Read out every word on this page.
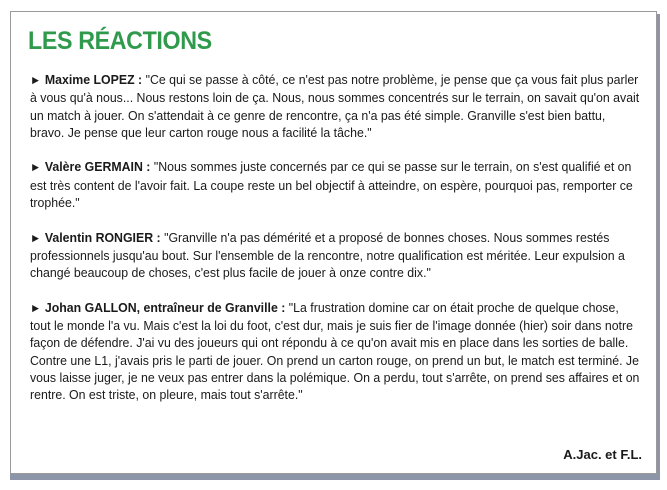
LES RÉACTIONS

► Maxime LOPEZ : "Ce qui se passe à côté, ce n'est pas notre problème, je pense que ça vous fait plus parler à vous qu'à nous... Nous restons loin de ça. Nous, nous sommes concentrés sur le terrain, on savait qu'on avait un match à jouer. On s'attendait à ce genre de rencontre, ça n'a pas été simple. Granville s'est bien battu, bravo. Je pense que leur carton rouge nous a facilité la tâche."

► Valère GERMAIN : "Nous sommes juste concernés par ce qui se passe sur le terrain, on s'est qualifié et on est très content de l'avoir fait. La coupe reste un bel objectif à atteindre, on espère, pourquoi pas, remporter ce trophée."

► Valentin RONGIER : "Granville n'a pas démérité et a proposé de bonnes choses. Nous sommes restés professionnels jusqu'au bout. Sur l'ensemble de la rencontre, notre qualification est méritée. Leur expulsion a changé beaucoup de choses, c'est plus facile de jouer à onze contre dix."

► Johan GALLON, entraîneur de Granville : "La frustration domine car on était proche de quelque chose, tout le monde l'a vu. Mais c'est la loi du foot, c'est dur, mais je suis fier de l'image donnée (hier) soir dans notre façon de défendre. J'ai vu des joueurs qui ont répondu à ce qu'on avait mis en place dans les sorties de balle. Contre une L1, j'avais pris le parti de jouer. On prend un carton rouge, on prend un but, le match est terminé. Je vous laisse juger, je ne veux pas entrer dans la polémique. On a perdu, tout s'arrête, on prend ses affaires et on rentre. On est triste, on pleure, mais tout s'arrête."

A.Jac. et F.L.
